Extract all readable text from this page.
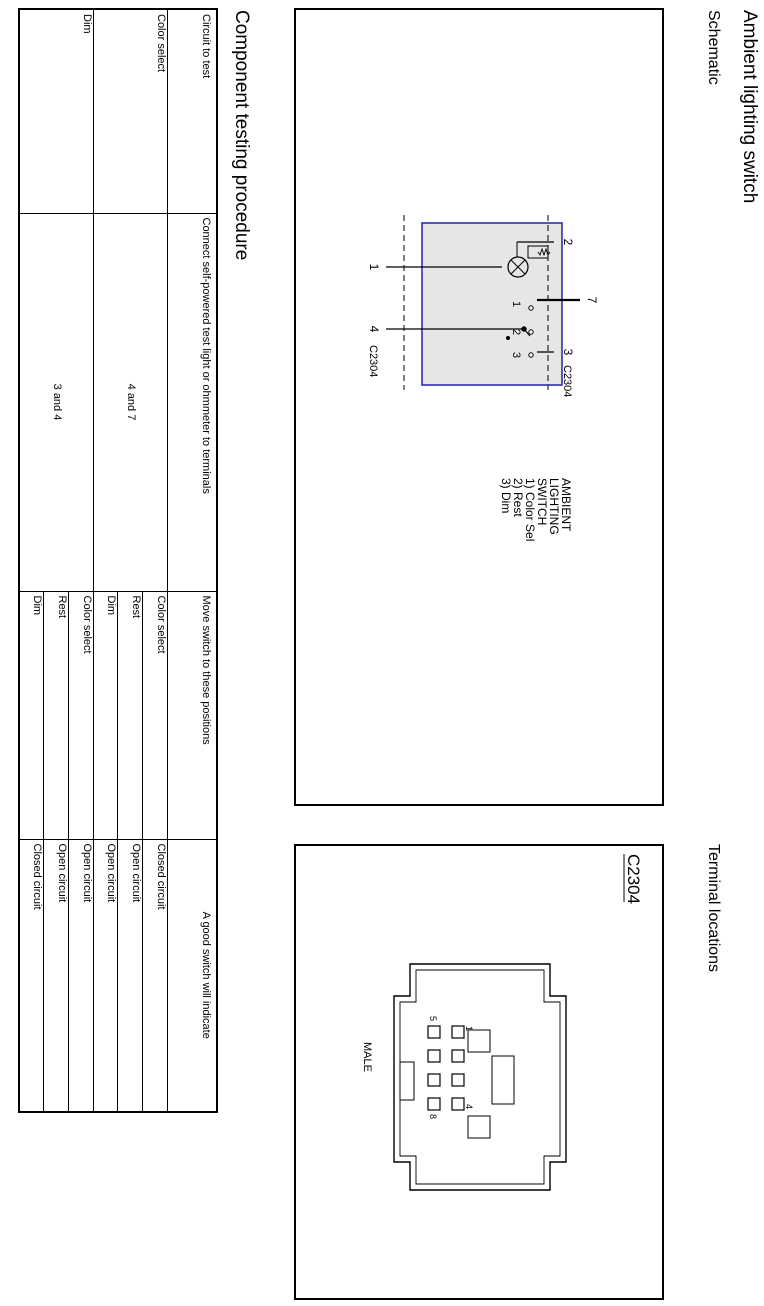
Ambient lighting switch
Schematic
Terminal locations
2
7
3
C2304
1
4
C2304
1
2
3
AMBIENT
LIGHTING
SWITCH
1) Color Sel
2) Rest
3) Dim
C2304
1
4
5
8
MALE
Component testing procedure
Circuit to test	Connect self-powered test light or ohmmeter to terminals	Move switch to these positions	A good switch will indicate
Color select	4 and 7	Color select	Closed circuit
		Rest	Open circuit
		Dim	Open circuit
Dim	3 and 4	Color select	Open circuit
		Rest	Open circuit
		Dim	Closed circuit
